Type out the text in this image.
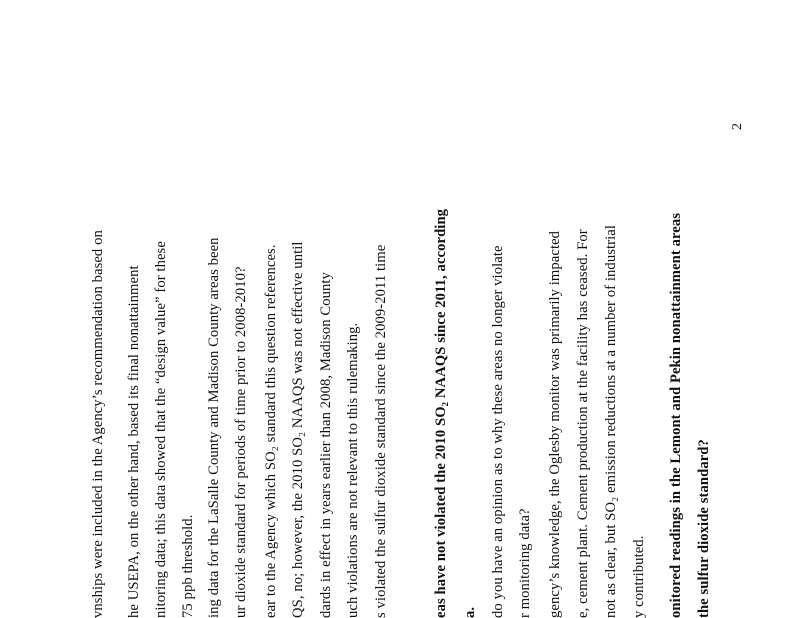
vnships were included in the Agency’s recommendation based on he USEPA, on the other hand, based its final nonattainment nitoring data; this data showed that the “design value” for these 75 ppb threshold. ing data for the LaSalle County and Madison County areas been ur dioxide standard for periods of time prior to 2008-2010? ear to the Agency which SO₂ standard this question references. QS, no; however, the 2010 SO₂ NAAQS was not effective until dards in effect in years earlier than 2008, Madison County uch violations are not relevant to this rulemaking. s violated the sulfur dioxide standard since the 2009-2011 time	eas have not violated the 2010 SO₂ NAAQS since 2011, according a. do you have an opinion as to why these areas no longer violate r monitoring data? gency’s knowledge, the Oglesby monitor was primarily impacted e, cement plant. Cement production at the facility has ceased. For not as clear, but SO₂ emission reductions at a number of industrial y contributed. onitored readings in the Lemont and Pekin nonattainment areas the sulfur dioxide standard?
2
